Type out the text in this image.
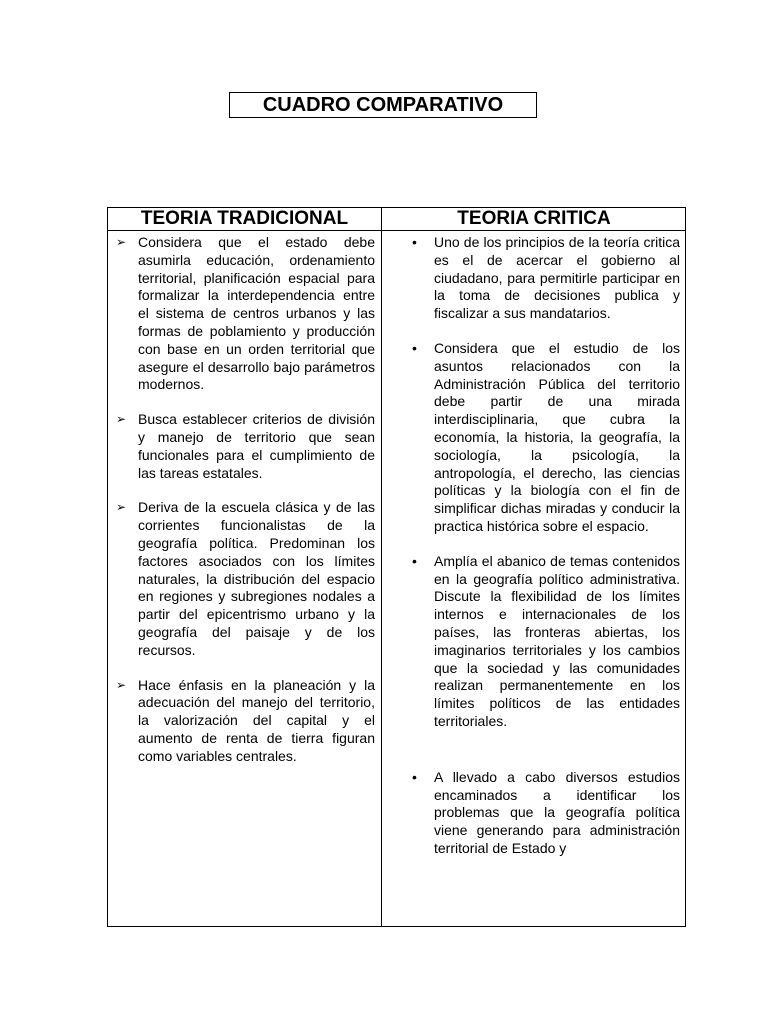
CUADRO COMPARATIVO
TEORIA TRADICIONAL	TEORIA CRITICA
➢ Considera que el estado debe asumirla educación, ordenamiento territorial, planificación espacial para formalizar la interdependencia entre el sistema de centros urbanos y las formas de poblamiento y producción con base en un orden territorial que asegure el desarrollo bajo parámetros modernos.
➢ Busca establecer criterios de división y manejo de territorio que sean funcionales para el cumplimiento de las tareas estatales.
➢ Deriva de la escuela clásica y de las corrientes funcionalistas de la geografía política. Predominan los factores asociados con los límites naturales, la distribución del espacio en regiones y subregiones nodales a partir del epicentrismo urbano y la geografía del paisaje y de los recursos.
➢ Hace énfasis en la planeación y la adecuación del manejo del territorio, la valorización del capital y el aumento de renta de tierra figuran como variables centrales.
• Uno de los principios de la teoría critica es el de acercar el gobierno al ciudadano, para permitirle participar en la toma de decisiones publica y fiscalizar a sus mandatarios.
• Considera que el estudio de los asuntos relacionados con la Administración Pública del territorio debe partir de una mirada interdisciplinaria, que cubra la economía, la historia, la geografía, la sociología, la psicología, la antropología, el derecho, las ciencias políticas y la biología con el fin de simplificar dichas miradas y conducir la practica histórica sobre el espacio.
• Amplía el abanico de temas contenidos en la geografía político administrativa. Discute la flexibilidad de los límites internos e internacionales de los países, las fronteras abiertas, los imaginarios territoriales y los cambios que la sociedad y las comunidades realizan permanentemente en los límites políticos de las entidades territoriales.
• A llevado a cabo diversos estudios encaminados a identificar los problemas que la geografía política viene generando para administración territorial de Estado y
